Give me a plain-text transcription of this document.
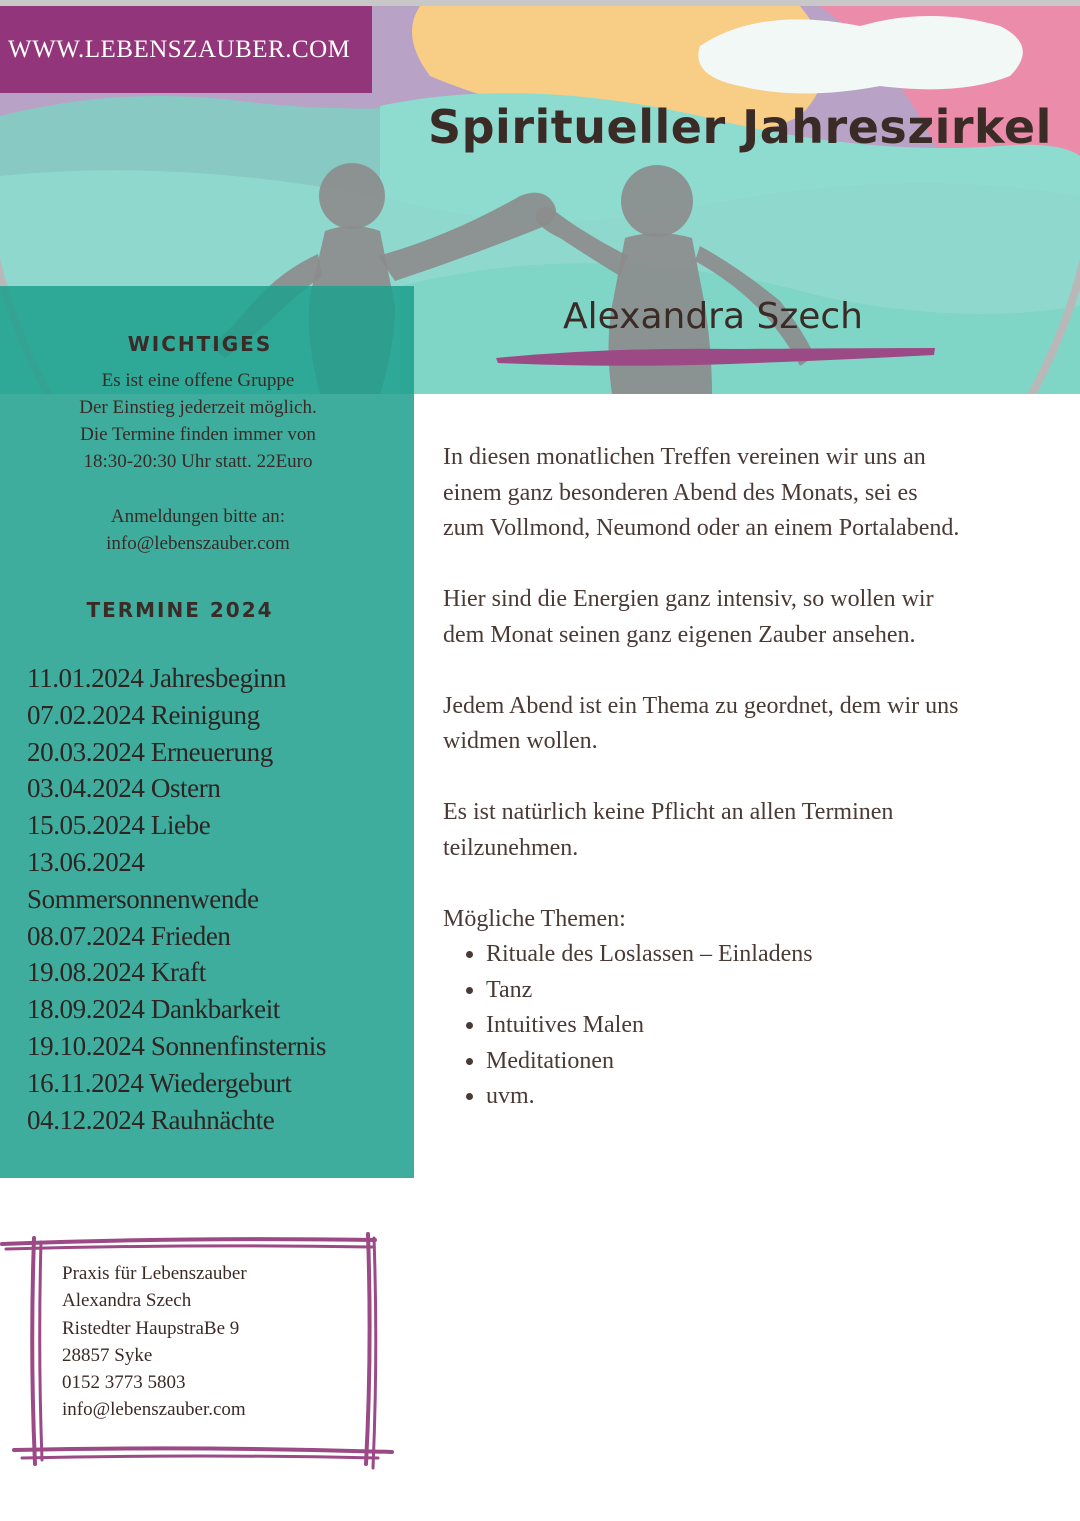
WWW.LEBENSZAUBER.COM
Spiritueller Jahreszirkel
Alexandra Szech
WICHTIGES
Es ist eine offene Gruppe
Der Einstieg jederzeit möglich.
Die Termine finden immer von
18:30-20:30 Uhr statt. 22Euro
Anmeldungen bitte an:
info@lebenszauber.com
TERMINE 2024
11.01.2024 Jahresbeginn
07.02.2024 Reinigung
20.03.2024 Erneuerung
03.04.2024 Ostern
15.05.2024 Liebe
13.06.2024
Sommersonnenwende
08.07.2024 Frieden
19.08.2024 Kraft
18.09.2024 Dankbarkeit
19.10.2024 Sonnenfinsternis
16.11.2024 Wiedergeburt
04.12.2024 Rauhnächte

In diesen monatlichen Treffen vereinen wir uns an
einem ganz besonderen Abend des Monats, sei es
zum Vollmond, Neumond oder an einem Portalabend.

Hier sind die Energien ganz intensiv, so wollen wir
dem Monat seinen ganz eigenen Zauber ansehen.

Jedem Abend ist ein Thema zu geordnet, dem wir uns
widmen wollen.

Es ist natürlich keine Pflicht an allen Terminen
teilzunehmen.

Mögliche Themen:

• Rituale des Loslassen – Einladens
• Tanz
• Intuitives Malen
• Meditationen
• uvm.
Praxis für Lebenszauber
Alexandra Szech
Ristedter HaupstraBe 9
28857 Syke
0152 3773 5803
info@lebenszauber.com
